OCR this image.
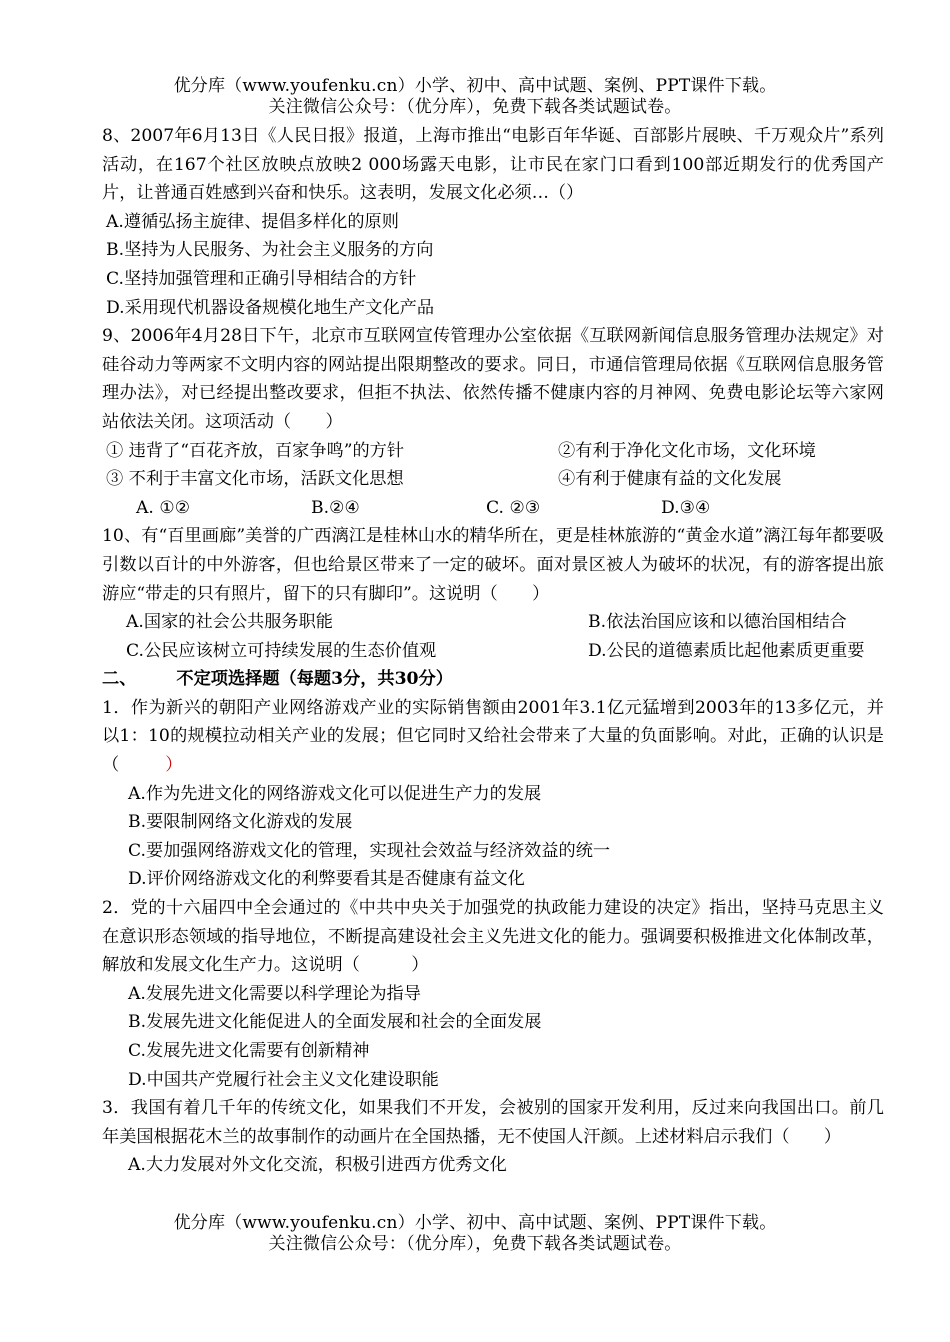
优分库（www.youfenku.cn）小学、初中、高中试题、案例、PPT课件下载。
关注微信公众号：（优分库），免费下载各类试题试卷。

8、2007年6月13日《人民日报》报道，上海市推出“电影百年华诞、百部影片展映、千万观众片”系列活动，在167个社区放映点放映2 000场露天电影，让市民在家门口看到100部近期发行的优秀国产片，让普通百姓感到兴奋和快乐。这表明，发展文化必须…（）

A.遵循弘扬主旋律、提倡多样化的原则

B.坚持为人民服务、为社会主义服务的方向

C.坚持加强管理和正确引导相结合的方针

D.采用现代机器设备规模化地生产文化产品

9、2006年4月28日下午，北京市互联网宣传管理办公室依据《互联网新闻信息服务管理办法规定》对硅谷动力等两家不文明内容的网站提出限期整改的要求。同日，市通信管理局依据《互联网信息服务管理办法》，对已经提出整改要求，但拒不执法、依然传播不健康内容的月神网、免费电影论坛等六家网站依法关闭。这项活动（　　）

① 违背了“百花齐放，百家争鸣”的方针	②有利于净化文化市场，文化环境
③ 不利于丰富文化市场，活跃文化思想	④有利于健康有益的文化发展
A. ①②	B.②④	C. ②③	D.③④

10、有“百里画廊”美誉的广西漓江是桂林山水的精华所在，更是桂林旅游的“黄金水道”漓江每年都要吸引数以百计的中外游客，但也给景区带来了一定的破坏。面对景区被人为破坏的状况，有的游客提出旅游应“带走的只有照片，留下的只有脚印”。这说明（　　）

A.国家的社会公共服务职能	B.依法治国应该和以德治国相结合
C.公民应该树立可持续发展的生态价值观	D.公民的道德素质比起他素质更重要

二、 不定项选择题（每题3分，共30分）

1．作为新兴的朝阳产业网络游戏产业的实际销售额由2001年3.1亿元猛增到2003年的13多亿元，并以1：10的规模拉动相关产业的发展；但它同时又给社会带来了大量的负面影响。对此，正确的认识是（	）

A.作为先进文化的网络游戏文化可以促进生产力的发展

B.要限制网络文化游戏的发展

C.要加强网络游戏文化的管理，实现社会效益与经济效益的统一

D.评价网络游戏文化的利弊要看其是否健康有益文化

2．党的十六届四中全会通过的《中共中央关于加强党的执政能力建设的决定》指出，坚持马克思主义在意识形态领域的指导地位，不断提高建设社会主义先进文化的能力。强调要积极推进文化体制改革，解放和发展文化生产力。这说明（　　　）

A.发展先进文化需要以科学理论为指导

B.发展先进文化能促进人的全面发展和社会的全面发展

C.发展先进文化需要有创新精神

D.中国共产党履行社会主义文化建设职能

3．我国有着几千年的传统文化，如果我们不开发，会被别的国家开发利用，反过来向我国出口。前几年美国根据花木兰的故事制作的动画片在全国热播，无不使国人汗颜。上述材料启示我们（　　）

A.大力发展对外文化交流，积极引进西方优秀文化

优分库（www.youfenku.cn）小学、初中、高中试题、案例、PPT课件下载。
关注微信公众号：（优分库），免费下载各类试题试卷。
